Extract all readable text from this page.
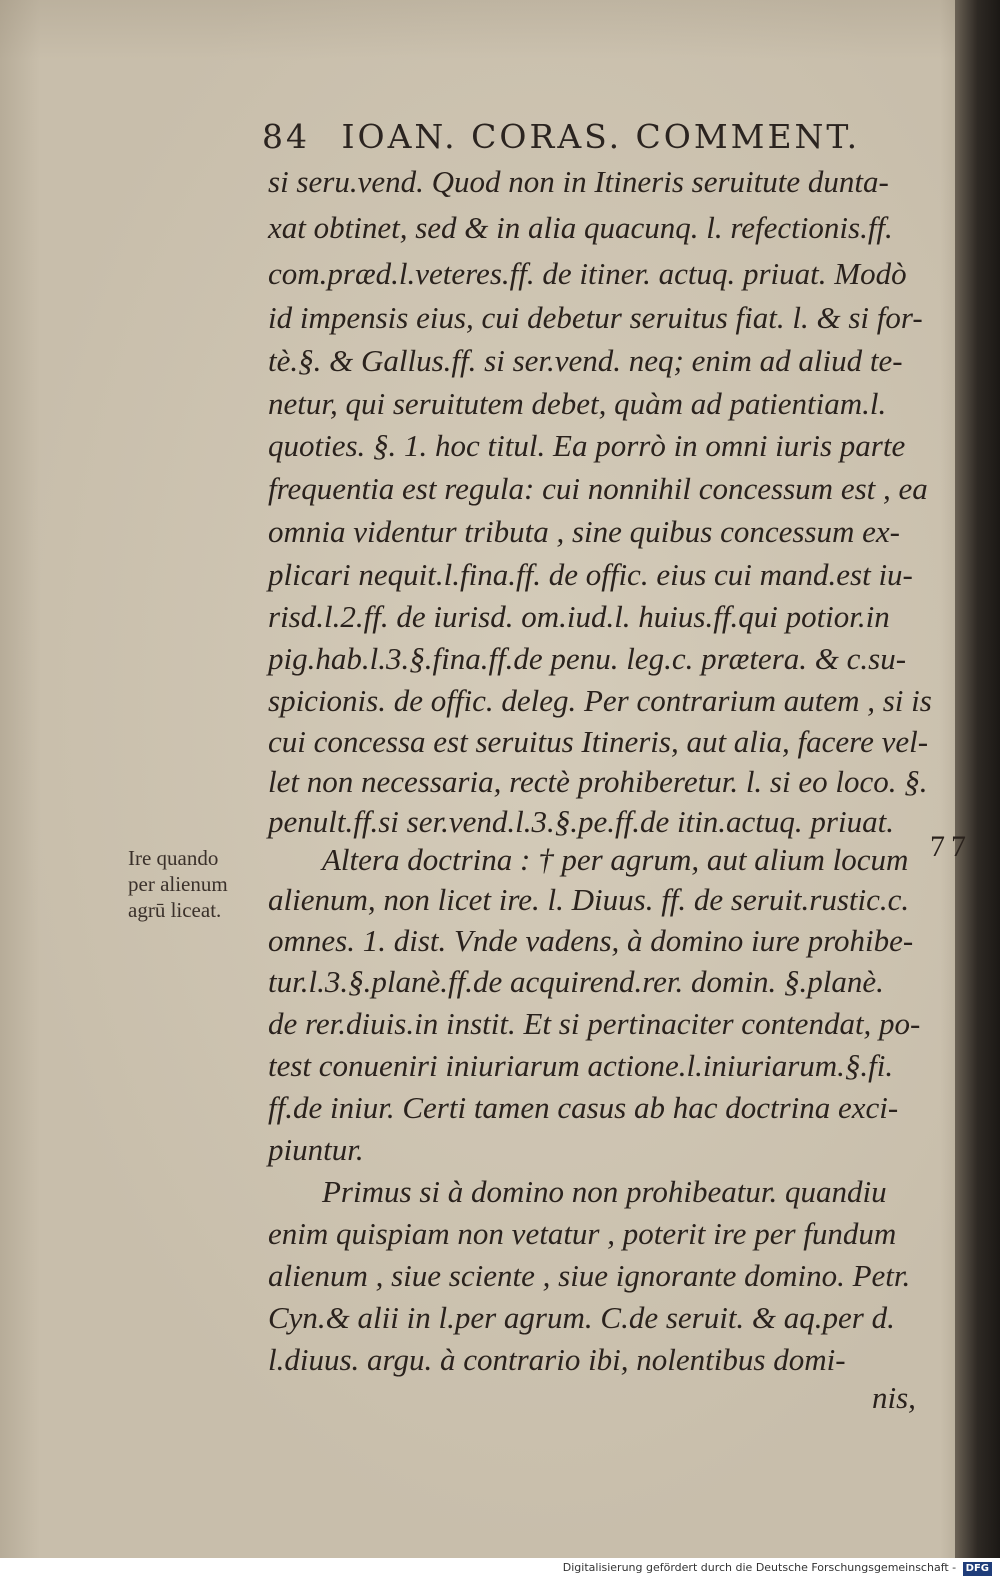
84 IOAN. CORAS. COMMENT.
si seru.vend. Quod non in Itineris seruitute dunta-
xat obtinet, sed & in alia quacunq. l. refectionis.ff.
com.prӕd.l.veteres.ff. de itiner. actuq. priuat. Modò
id impensis eius, cui debetur seruitus fiat. l. & si for-
tè.§. & Gallus.ff. si ser.vend. neq; enim ad aliud te-
netur, qui seruitutem debet, quàm ad patientiam.l.
quoties. §. 1. hoc titul. Ea porrò in omni iuris parte
frequentia est regula: cui nonnihil concessum est , ea
omnia videntur tributa , sine quibus concessum ex-
plicari nequit.l.fina.ff. de offic. eius cui mand.est iu-
risd.l.2.ff. de iurisd. om.iud.l. huius.ff.qui potior.in
pig.hab.l.3.§.fina.ff.de penu. leg.c. prӕtera. & c.su-
spicionis. de offic. deleg. Per contrarium autem , si is
cui concessa est seruitus Itineris, aut alia, facere vel-
let non necessaria, rectè prohiberetur. l. si eo loco. §.
penult.ff.si ser.vend.l.3.§.pe.ff.de itin.actuq. priuat.
Altera doctrina : † per agrum, aut alium locum
alienum, non licet ire. l. Diuus. ff. de seruit.rustic.c.
omnes. 1. dist. Vnde vadens, à domino iure prohibe-
tur.l.3.§.planè.ff.de acquirend.rer. domin. §.planè.
de rer.diuis.in instit. Et si pertinaciter contendat, po-
test conueniri iniuriarum actione.l.iniuriarum.§.fi.
ff.de iniur. Certi tamen casus ab hac doctrina exci-
piuntur.
Primus si à domino non prohibeatur. quandiu
enim quispiam non vetatur , poterit ire per fundum
alienum , siue sciente , siue ignorante domino. Petr.
Cyn.& alii in l.per agrum. C.de seruit. & aq.per d.
l.diuus. argu. à contrario ibi, nolentibus domi-
nis,
Ire quando
per alienum
agrū liceat.
77
Digitalisierung gefördert durch die Deutsche Forschungsgemeinschaft - DFG
